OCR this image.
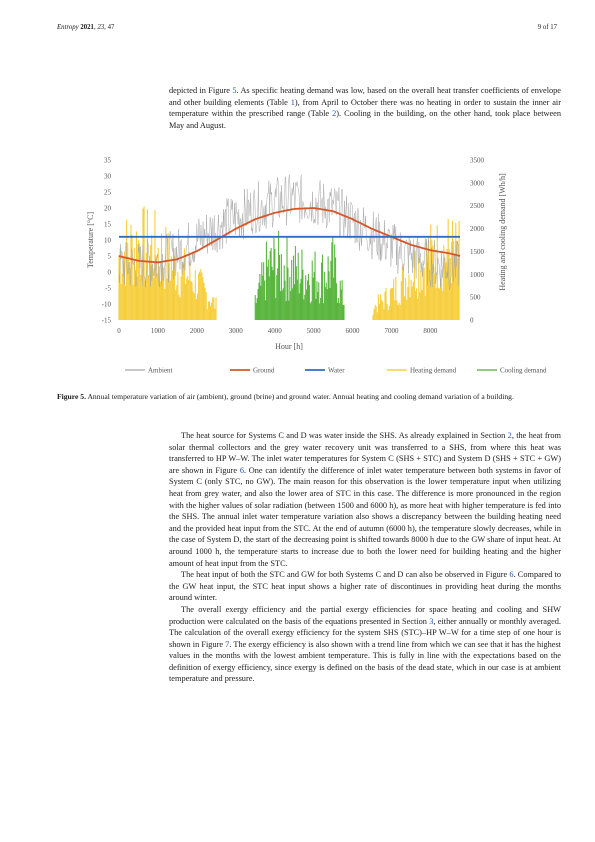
Entropy 2021, 23, 47	9 of 17

depicted in Figure 5. As specific heating demand was low, based on the overall heat transfer coefficients of envelope and other building elements (Table 1), from April to October there was no heating in order to sustain the inner air temperature within the prescribed range (Table 2). Cooling in the building, on the other hand, took place between May and August.

0	1000	2000	3000	4000	5000	6000	7000	8000
35
30
25
20
15
10
5
0
-5
-10
-15
3500
3000
2500
2000
1500
1000
500
0
Hour [h]
Temperature [°C]	Heating and cooling demand [Wh/h]
Ambient	Ground	Water	Heating demand	Cooling demand
Figure 5. Annual temperature variation of air (ambient), ground (brine) and ground water. Annual heating and cooling demand variation of a building.

The heat source for Systems C and D was water inside the SHS. As already explained in Section 2, the heat from solar thermal collectors and the grey water recovery unit was transferred to a SHS, from where this heat was transferred to HP W–W. The inlet water temperatures for System C (SHS + STC) and System D (SHS + STC + GW) are shown in Figure 6. One can identify the difference of inlet water temperature between both systems in favor of System C (only STC, no GW). The main reason for this observation is the lower temperature input when utilizing heat from grey water, and also the lower area of STC in this case. The difference is more pronounced in the region with the higher values of solar radiation (between 1500 and 6000 h), as more heat with higher temperature is fed into the SHS. The annual inlet water temperature variation also shows a discrepancy between the building heating need and the provided heat input from the STC. At the end of autumn (6000 h), the temperature slowly decreases, while in the case of System D, the start of the decreasing point is shifted towards 8000 h due to the GW share of input heat. At around 1000 h, the temperature starts to increase due to both the lower need for building heating and the higher amount of heat input from the STC.

The heat input of both the STC and GW for both Systems C and D can also be observed in Figure 6. Compared to the GW heat input, the STC heat input shows a higher rate of discontinues in providing heat during the months around winter.

The overall exergy efficiency and the partial exergy efficiencies for space heating and cooling and SHW production were calculated on the basis of the equations presented in Section 3, either annually or monthly averaged. The calculation of the overall exergy efficiency for the system SHS (STC)–HP W–W for a time step of one hour is shown in Figure 7. The exergy efficiency is also shown with a trend line from which we can see that it has the highest values in the months with the lowest ambient temperature. This is fully in line with the expectations based on the definition of exergy efficiency, since exergy is defined on the basis of the dead state, which in our case is at ambient temperature and pressure.
